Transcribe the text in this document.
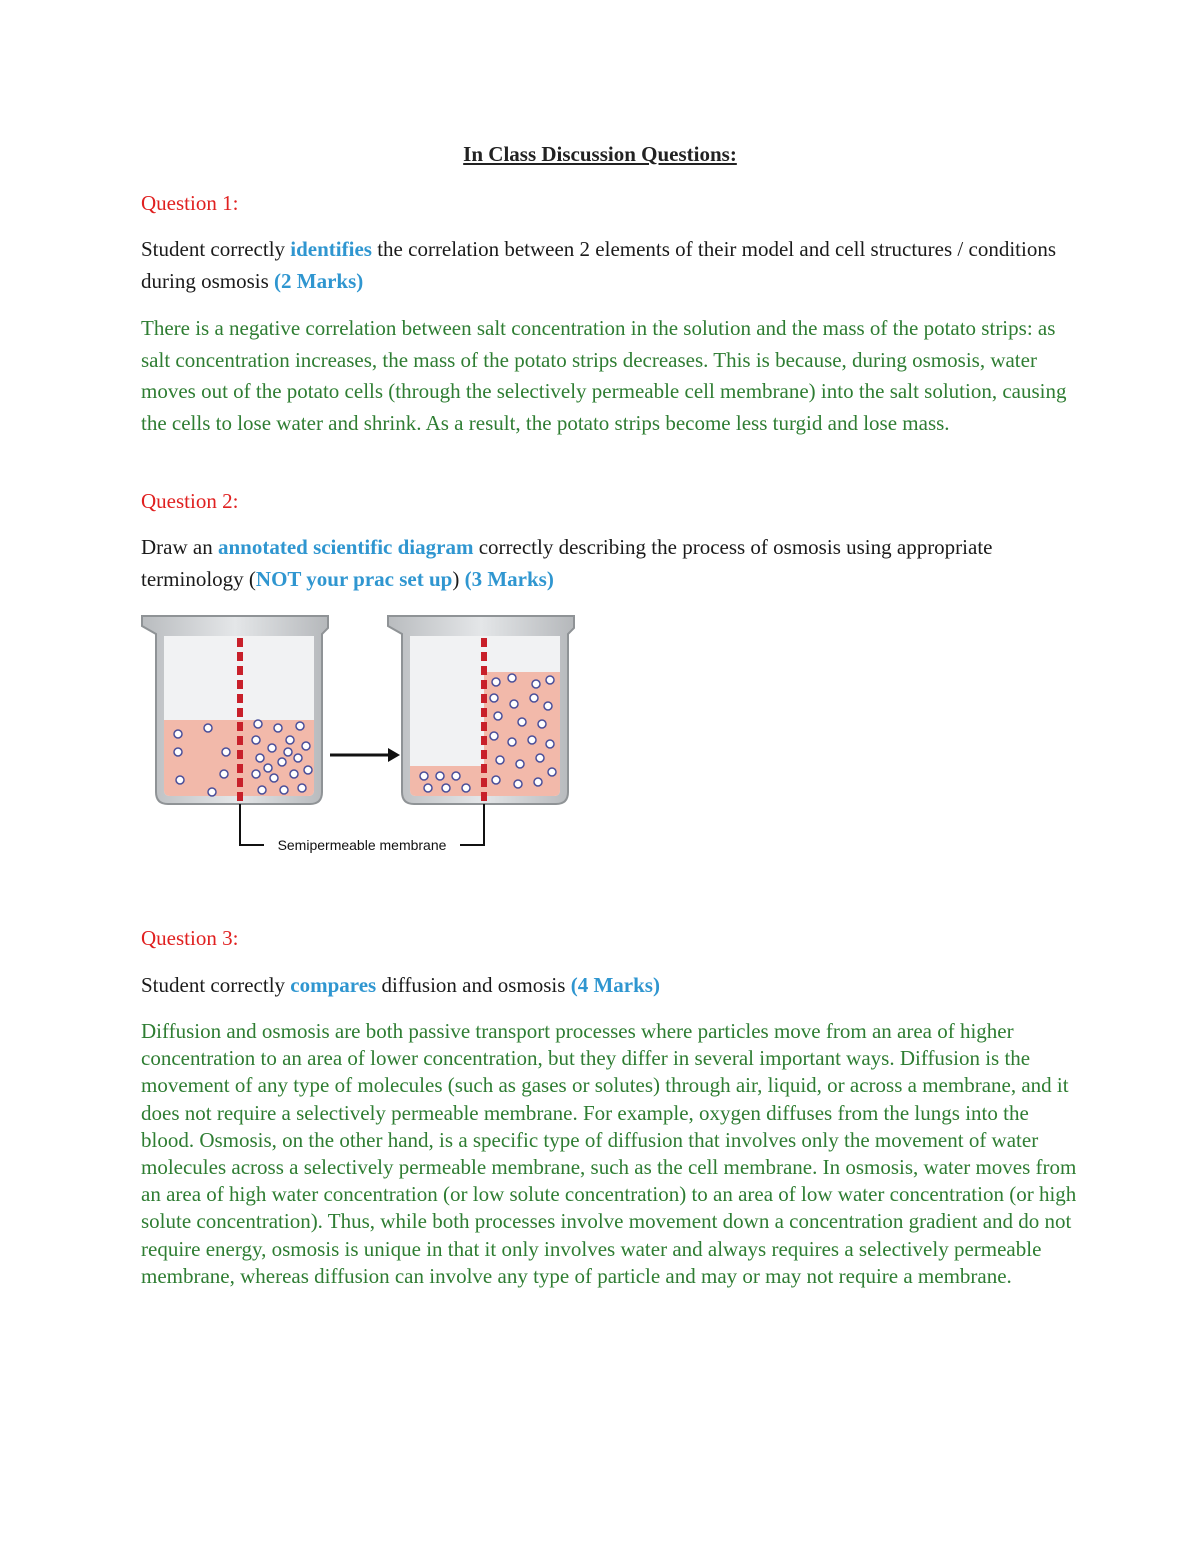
In Class Discussion Questions:
Question 1:
Student correctly identifies the correlation between 2 elements of their model and cell structures / conditions during osmosis (2 Marks)
There is a negative correlation between salt concentration in the solution and the mass of the potato strips: as salt concentration increases, the mass of the potato strips decreases. This is because, during osmosis, water moves out of the potato cells (through the selectively permeable cell membrane) into the salt solution, causing the cells to lose water and shrink. As a result, the potato strips become less turgid and lose mass.
Question 2:
Draw an annotated scientific diagram correctly describing the process of osmosis using appropriate terminology (NOT your prac set up) (3 Marks)
Semipermeable membrane
Question 3:
Student correctly compares diffusion and osmosis (4 Marks)
Diffusion and osmosis are both passive transport processes where particles move from an area of higher concentration to an area of lower concentration, but they differ in several important ways. Diffusion is the movement of any type of molecules (such as gases or solutes) through air, liquid, or across a membrane, and it does not require a selectively permeable membrane. For example, oxygen diffuses from the lungs into the blood. Osmosis, on the other hand, is a specific type of diffusion that involves only the movement of water molecules across a selectively permeable membrane, such as the cell membrane. In osmosis, water moves from an area of high water concentration (or low solute concentration) to an area of low water concentration (or high solute concentration). Thus, while both processes involve movement down a concentration gradient and do not require energy, osmosis is unique in that it only involves water and always requires a selectively permeable membrane, whereas diffusion can involve any type of particle and may or may not require a membrane.
